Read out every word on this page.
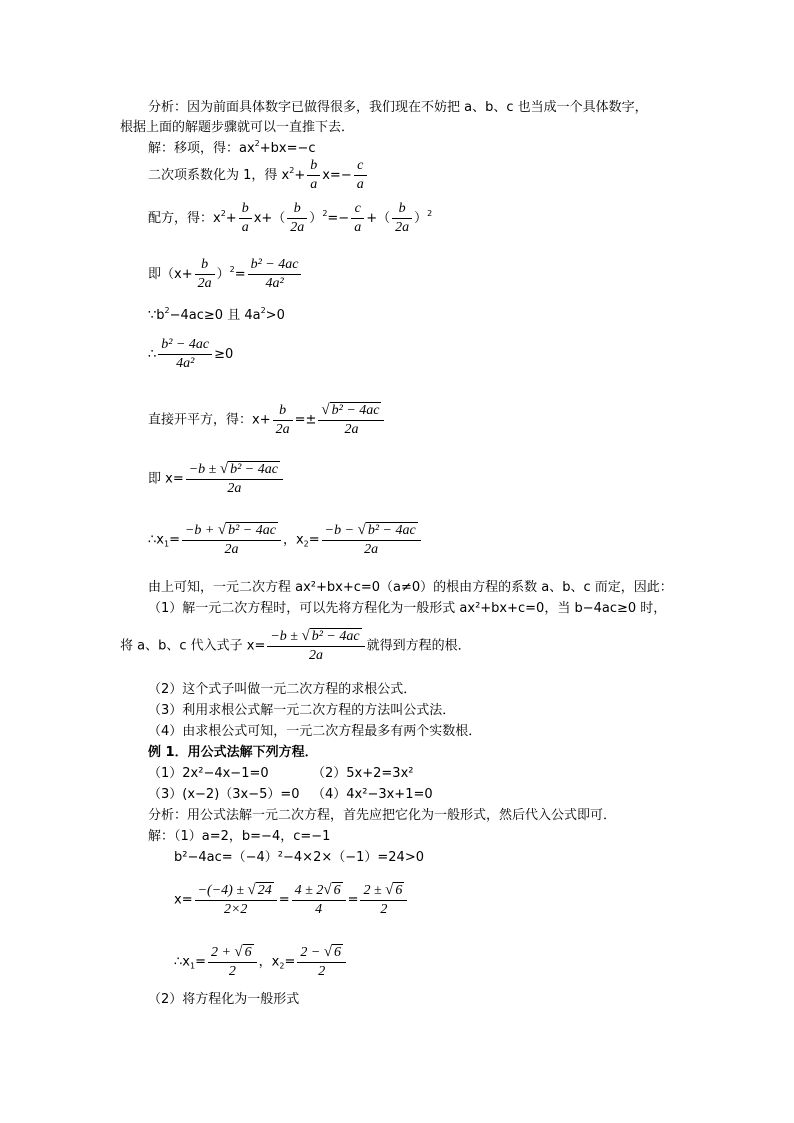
分析：因为前面具体数字已做得很多，我们现在不妨把 a、b、c 也当成一个具体数字，
根据上面的解题步骤就可以一直推下去．
解：移项，得：$ax^2+bx=-c$
二次项系数化为 1，得 $x^2+ \frac{b}{a} x=- \frac{c}{a}$
配方，得：$x^2+ \frac{b}{a} x+( \frac{b}{2a} )^2=- \frac{c}{a}$ +（ $\frac{b}{2a} )^2$
即$(x+ \frac{b}{2a} )^2= \frac{\text{b² − 4ac}}{\text{4a²}}$
$\because b^2-4ac\ge 0$ 且 $4a^2>0$
∴ $\frac{\text{b² − 4ac}}{\text{4a²}} \ge 0$
直接开平方，得：$x+ \frac{b}{2a} =\pm \frac{\text{√ b² − 4ac}}{2a}$
即 $x= \frac{\text{−b ± √ b² − 4ac}}{2a}$
$\therefore x_1= \frac{\text{−b + √ b² − 4ac}}{2a}$ ，$x_2= \frac{\text{−b − √ b² − 4ac}}{2a}$
由上可知，一元二次方程 ax²+bx+c=0（a≠0）的根由方程的系数 a、b、c 而定，因此：
（1）解一元二次方程时，可以先将方程化为一般形式 ax²+bx+c=0，当 b−4ac≥0 时，
将 a、b、c 代入式子 $x= \frac{\text{−b ± √ b² − 4ac}}{2a}$ 就得到方程的根．
（2）这个式子叫做一元二次方程的求根公式．
（3）利用求根公式解一元二次方程的方法叫公式法．
（4）由求根公式可知，一元二次方程最多有两个实数根．
例 1．用公式法解下列方程．
（1）2x²−4x−1=0	（2）5x+2=3x²
（3）(x−2)（3x−5）=0 （4）4x²−3x+1=0
分析：用公式法解一元二次方程，首先应把它化为一般形式，然后代入公式即可．
解：（1）a=2，b=−4，c=−1
b²−4ac=（−4）²−4×2×（−1）=24>0
$x= \frac{-(-4) \pm √ 24}{2\times 2} = \frac{4 \pm 2√ 6}{4} = \frac{2 \pm √ 6}{2}$
$\therefore x_1= \frac{2 + √ 6}{2}$ ，$x_2= \frac{2 - √ 6}{2}$
（2）将方程化为一般形式
